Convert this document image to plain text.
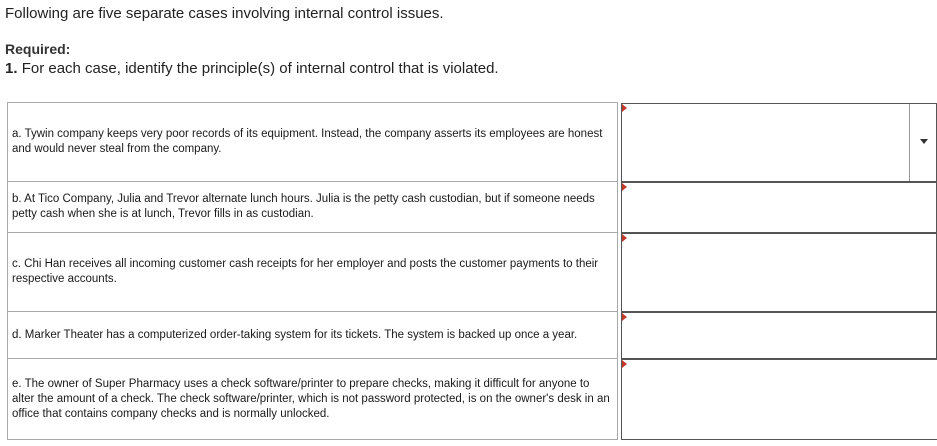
Following are five separate cases involving internal control issues.
Required:
1. For each case, identify the principle(s) of internal control that is violated.
a. Tywin company keeps very poor records of its equipment. Instead, the company asserts its employees are honest and would never steal from the company.	

b. At Tico Company, Julia and Trevor alternate lunch hours. Julia is the petty cash custodian, but if someone needs petty cash when she is at lunch, Trevor fills in as custodian.	

c. Chi Han receives all incoming customer cash receipts for her employer and posts the customer payments to their respective accounts.	

d. Marker Theater has a computerized order-taking system for its tickets. The system is backed up once a year.	

e. The owner of Super Pharmacy uses a check software/printer to prepare checks, making it difficult for anyone to alter the amount of a check. The check software/printer, which is not password protected, is on the owner's desk in an office that contains company checks and is normally unlocked.	
